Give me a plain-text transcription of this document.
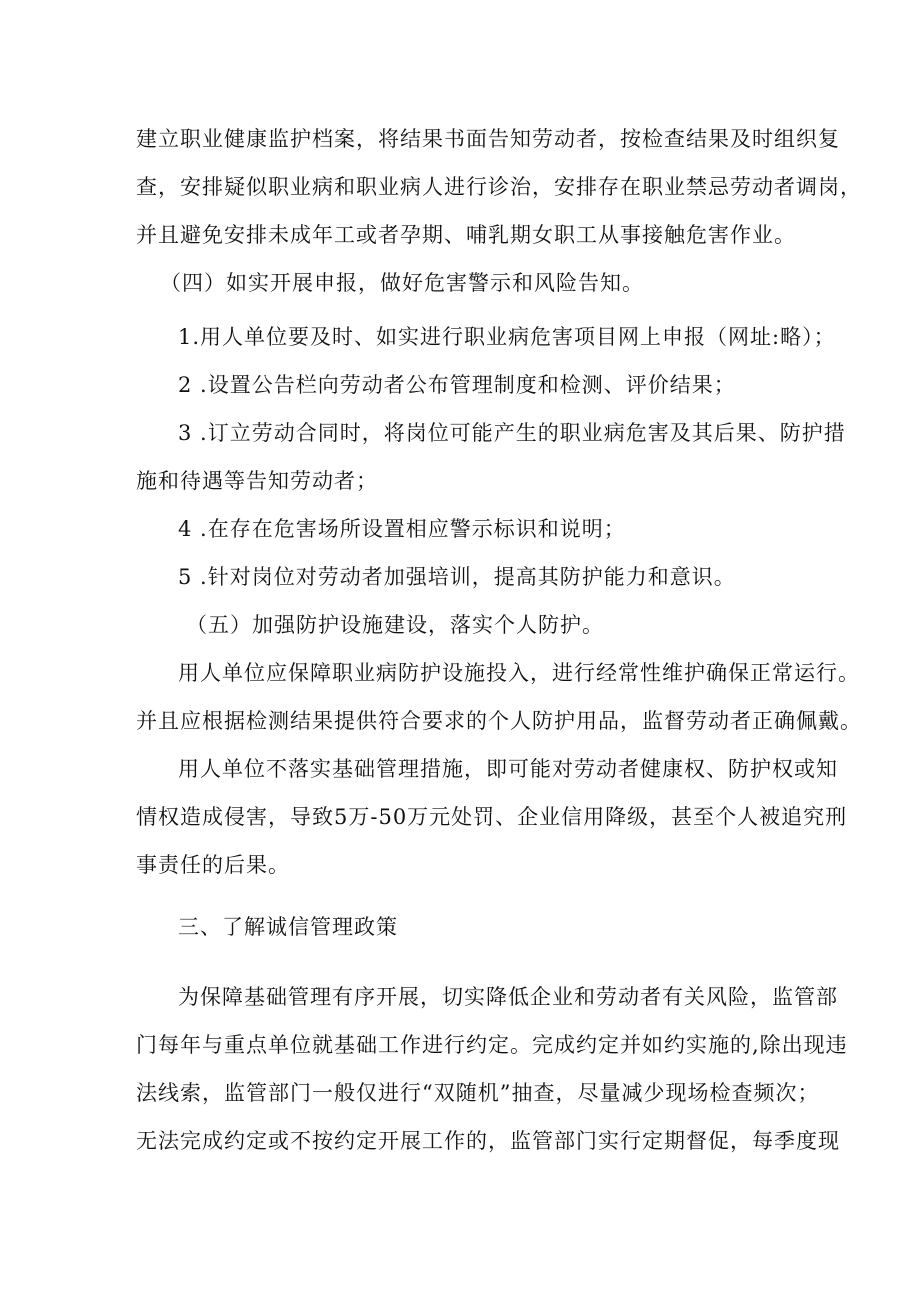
建立职业健康监护档案，将结果书面告知劳动者，按检查结果及时组织复
查，安排疑似职业病和职业病人进行诊治，安排存在职业禁忌劳动者调岗，
并且避免安排未成年工或者孕期、哺乳期女职工从事接触危害作业。
（四）如实开展申报，做好危害警示和风险告知。
1.用人单位要及时、如实进行职业病危害项目网上申报（网址:略）；
2 .设置公告栏向劳动者公布管理制度和检测、评价结果；
3 .订立劳动合同时，将岗位可能产生的职业病危害及其后果、防护措
施和待遇等告知劳动者；
4 .在存在危害场所设置相应警示标识和说明；
5 .针对岗位对劳动者加强培训，提高其防护能力和意识。
（五）加强防护设施建设，落实个人防护。
用人单位应保障职业病防护设施投入，进行经常性维护确保正常运行。
并且应根据检测结果提供符合要求的个人防护用品，监督劳动者正确佩戴。
用人单位不落实基础管理措施，即可能对劳动者健康权、防护权或知
情权造成侵害，导致5万-50万元处罚、企业信用降级，甚至个人被追究刑
事责任的后果。
三、了解诚信管理政策
为保障基础管理有序开展，切实降低企业和劳动者有关风险，监管部
门每年与重点单位就基础工作进行约定。完成约定并如约实施的,除出现违
法线索，监管部门一般仅进行“双随机”抽查，尽量减少现场检查频次；
无法完成约定或不按约定开展工作的，监管部门实行定期督促，每季度现
